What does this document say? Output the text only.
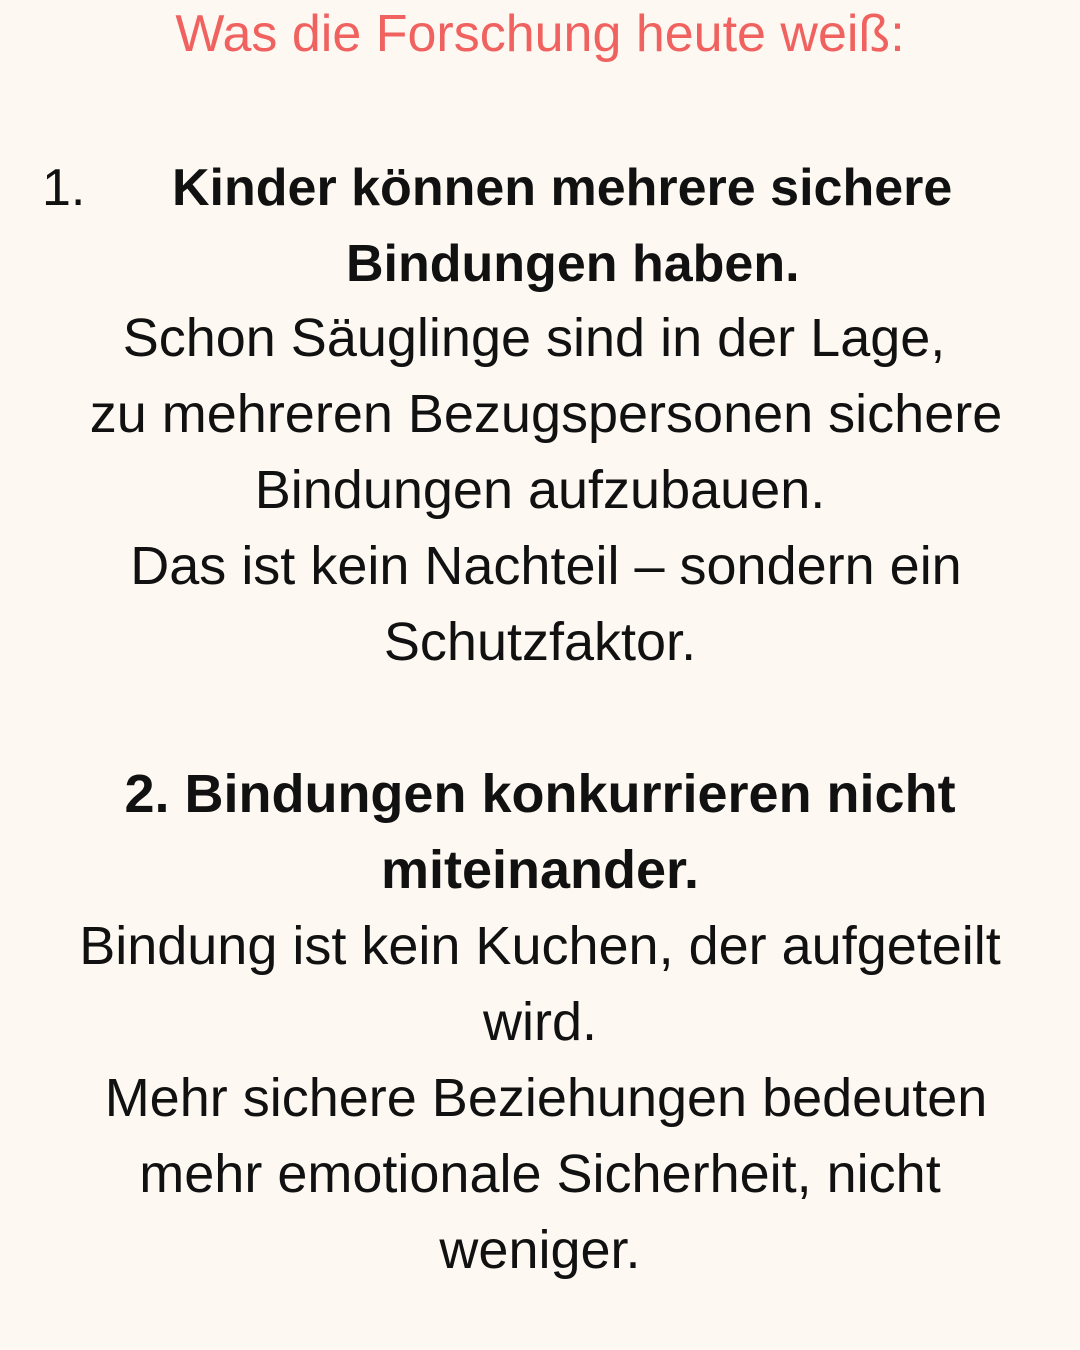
Was die Forschung heute weiß:
1. Kinder können mehrere sichere
Bindungen haben.
Schon Säuglinge sind in der Lage,
zu mehreren Bezugspersonen sichere
Bindungen aufzubauen.
Das ist kein Nachteil – sondern ein
Schutzfaktor.
2. Bindungen konkurrieren nicht
miteinander.
Bindung ist kein Kuchen, der aufgeteilt
wird.
Mehr sichere Beziehungen bedeuten
mehr emotionale Sicherheit, nicht
weniger.
